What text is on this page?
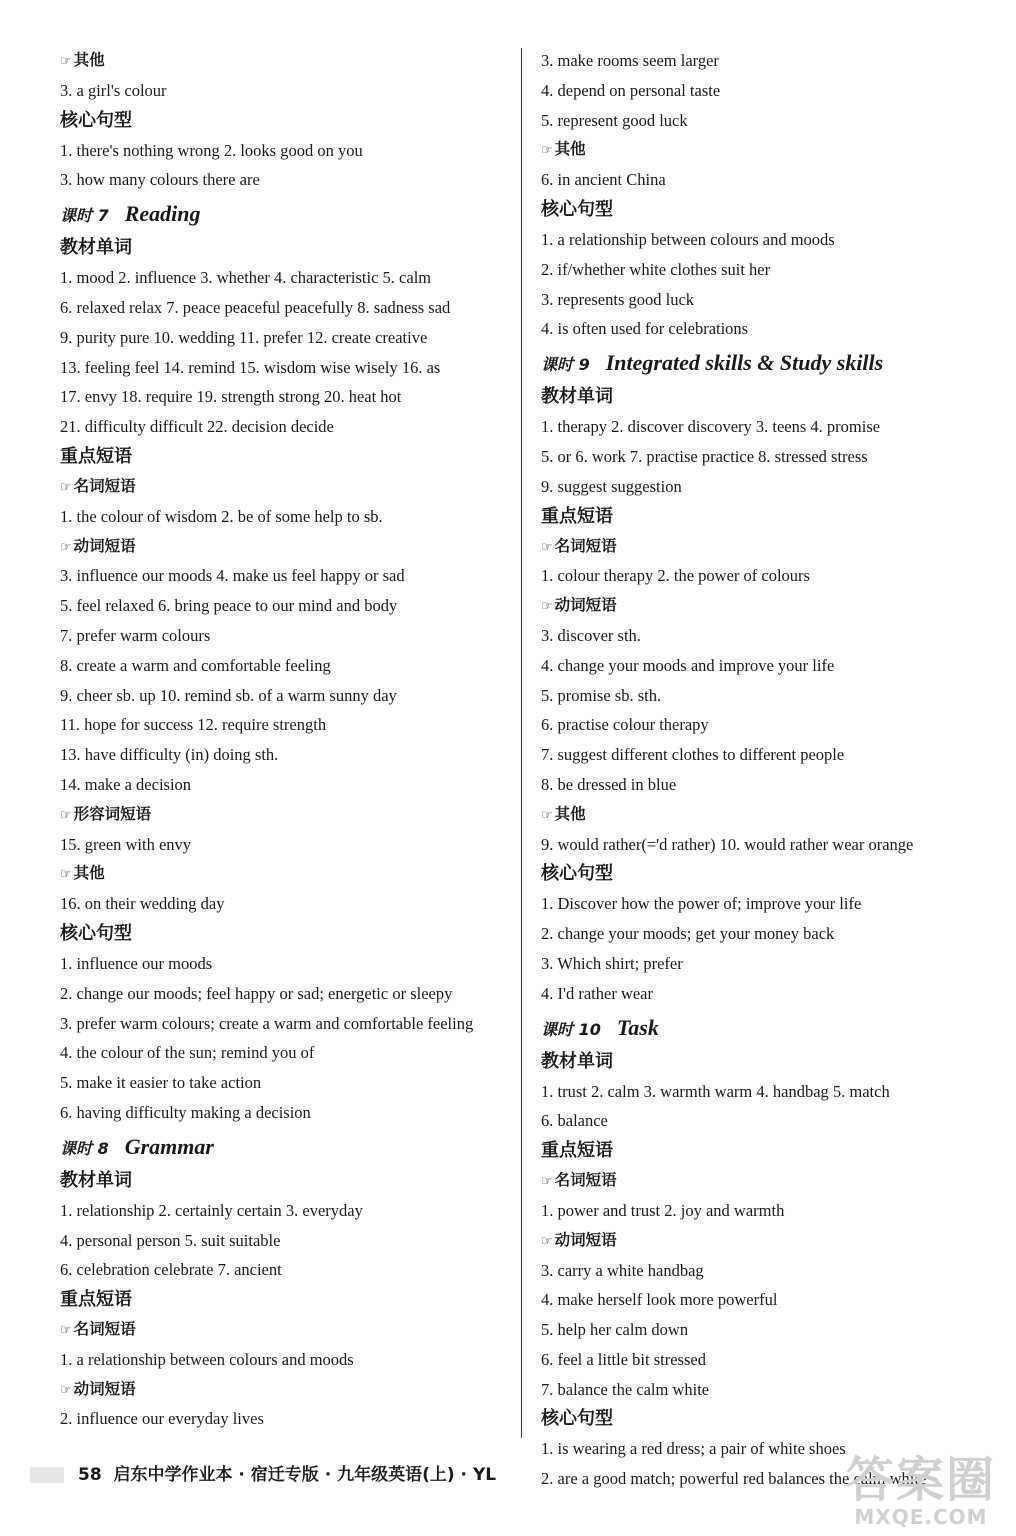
☞ 其他
3. a girl's colour
核心句型
1. there's nothing wrong 2. looks good on you
3. how many colours there are
课时 7 Reading
教材单词
1. mood 2. influence 3. whether 4. characteristic 5. calm
6. relaxed relax 7. peace peaceful peacefully 8. sadness sad
9. purity pure 10. wedding 11. prefer 12. create creative
13. feeling feel 14. remind 15. wisdom wise wisely 16. as
17. envy 18. require 19. strength strong 20. heat hot
21. difficulty difficult 22. decision decide
重点短语
☞ 名词短语
1. the colour of wisdom 2. be of some help to sb.
☞ 动词短语
3. influence our moods 4. make us feel happy or sad
5. feel relaxed 6. bring peace to our mind and body
7. prefer warm colours
8. create a warm and comfortable feeling
9. cheer sb. up 10. remind sb. of a warm sunny day
11. hope for success 12. require strength
13. have difficulty (in) doing sth.
14. make a decision
☞ 形容词短语
15. green with envy
☞ 其他
16. on their wedding day
核心句型
1. influence our moods
2. change our moods; feel happy or sad; energetic or sleepy
3. prefer warm colours; create a warm and comfortable feeling
4. the colour of the sun; remind you of
5. make it easier to take action
6. having difficulty making a decision
课时 8 Grammar
教材单词
1. relationship 2. certainly certain 3. everyday
4. personal person 5. suit suitable
6. celebration celebrate 7. ancient
重点短语
☞ 名词短语
1. a relationship between colours and moods
☞ 动词短语
2. influence our everyday lives
3. make rooms seem larger
4. depend on personal taste
5. represent good luck
☞ 其他
6. in ancient China
核心句型
1. a relationship between colours and moods
2. if/whether white clothes suit her
3. represents good luck
4. is often used for celebrations
课时 9 Integrated skills & Study skills
教材单词
1. therapy 2. discover discovery 3. teens 4. promise
5. or 6. work 7. practise practice 8. stressed stress
9. suggest suggestion
重点短语
☞ 名词短语
1. colour therapy 2. the power of colours
☞ 动词短语
3. discover sth.
4. change your moods and improve your life
5. promise sb. sth.
6. practise colour therapy
7. suggest different clothes to different people
8. be dressed in blue
☞ 其他
9. would rather(='d rather) 10. would rather wear orange
核心句型
1. Discover how the power of; improve your life
2. change your moods; get your money back
3. Which shirt; prefer
4. I'd rather wear
课时 10 Task
教材单词
1. trust 2. calm 3. warmth warm 4. handbag 5. match
6. balance
重点短语
☞ 名词短语
1. power and trust 2. joy and warmth
☞ 动词短语
3. carry a white handbag
4. make herself look more powerful
5. help her calm down
6. feel a little bit stressed
7. balance the calm white
核心句型
1. is wearing a red dress; a pair of white shoes
2. are a good match; powerful red balances the calm white
58 启东中学作业本 · 宿迁专版 · 九年级英语(上) · YL	答案圈
MXQE.COM
